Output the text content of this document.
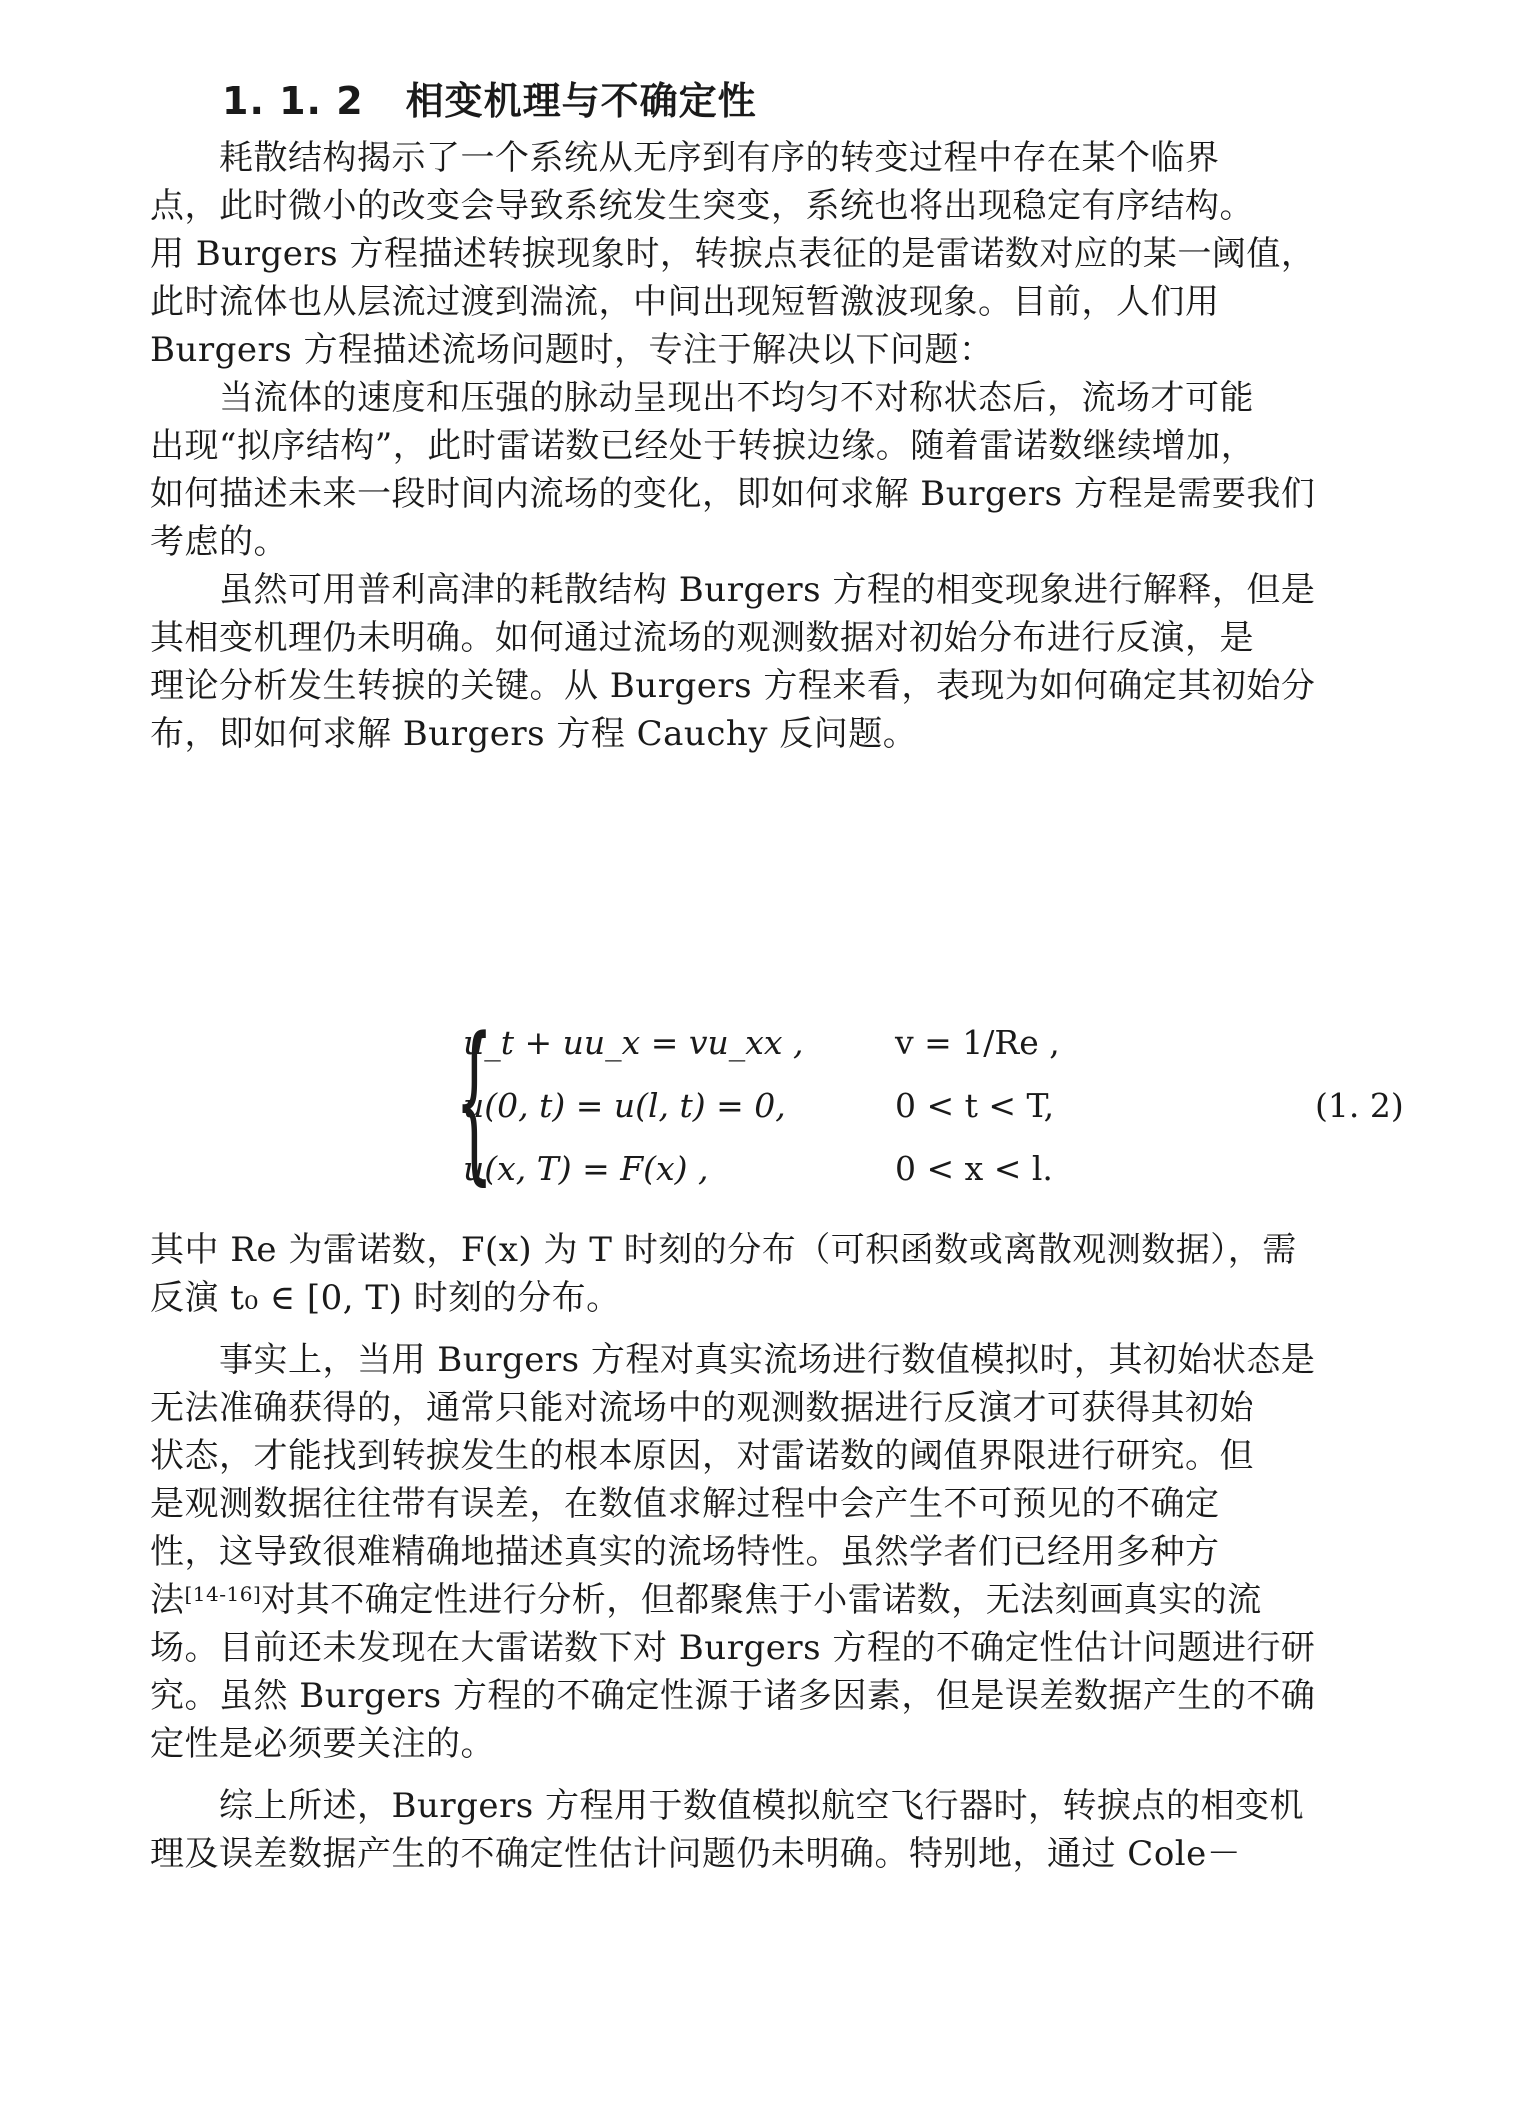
1. 1. 2 相变机理与不确定性
　　耗散结构揭示了一个系统从无序到有序的转变过程中存在某个临界
点，此时微小的改变会导致系统发生突变，系统也将出现稳定有序结构。
用 Burgers 方程描述转捩现象时，转捩点表征的是雷诺数对应的某一阈值，
此时流体也从层流过渡到湍流，中间出现短暂激波现象。目前，人们用
Burgers 方程描述流场问题时，专注于解决以下问题：
　　当流体的速度和压强的脉动呈现出不均匀不对称状态后，流场才可能
出现“拟序结构”，此时雷诺数已经处于转捩边缘。随着雷诺数继续增加，
如何描述未来一段时间内流场的变化，即如何求解 Burgers 方程是需要我们
考虑的。
　　虽然可用普利高津的耗散结构 Burgers 方程的相变现象进行解释，但是
其相变机理仍未明确。如何通过流场的观测数据对初始分布进行反演，是
理论分析发生转捩的关键。从 Burgers 方程来看，表现为如何确定其初始分
布，即如何求解 Burgers 方程 Cauchy 反问题。
{
u_t + uu_x = vu_xx ,	v = 1/Re ,
u(0, t) = u(l, t) = 0,	0 < t < T,
u(x, T) = F(x) ,	0 < x < l.
(1. 2)
其中 Re 为雷诺数，F(x) 为 T 时刻的分布（可积函数或离散观测数据），需
反演 t₀ ∈ [0, T) 时刻的分布。
　　事实上，当用 Burgers 方程对真实流场进行数值模拟时，其初始状态是
无法准确获得的，通常只能对流场中的观测数据进行反演才可获得其初始
状态，才能找到转捩发生的根本原因，对雷诺数的阈值界限进行研究。但
是观测数据往往带有误差，在数值求解过程中会产生不可预见的不确定
性，这导致很难精确地描述真实的流场特性。虽然学者们已经用多种方
法[14-16]对其不确定性进行分析，但都聚焦于小雷诺数，无法刻画真实的流
场。目前还未发现在大雷诺数下对 Burgers 方程的不确定性估计问题进行研
究。虽然 Burgers 方程的不确定性源于诸多因素，但是误差数据产生的不确
定性是必须要关注的。
　　综上所述，Burgers 方程用于数值模拟航空飞行器时，转捩点的相变机
理及误差数据产生的不确定性估计问题仍未明确。特别地，通过 Cole－
